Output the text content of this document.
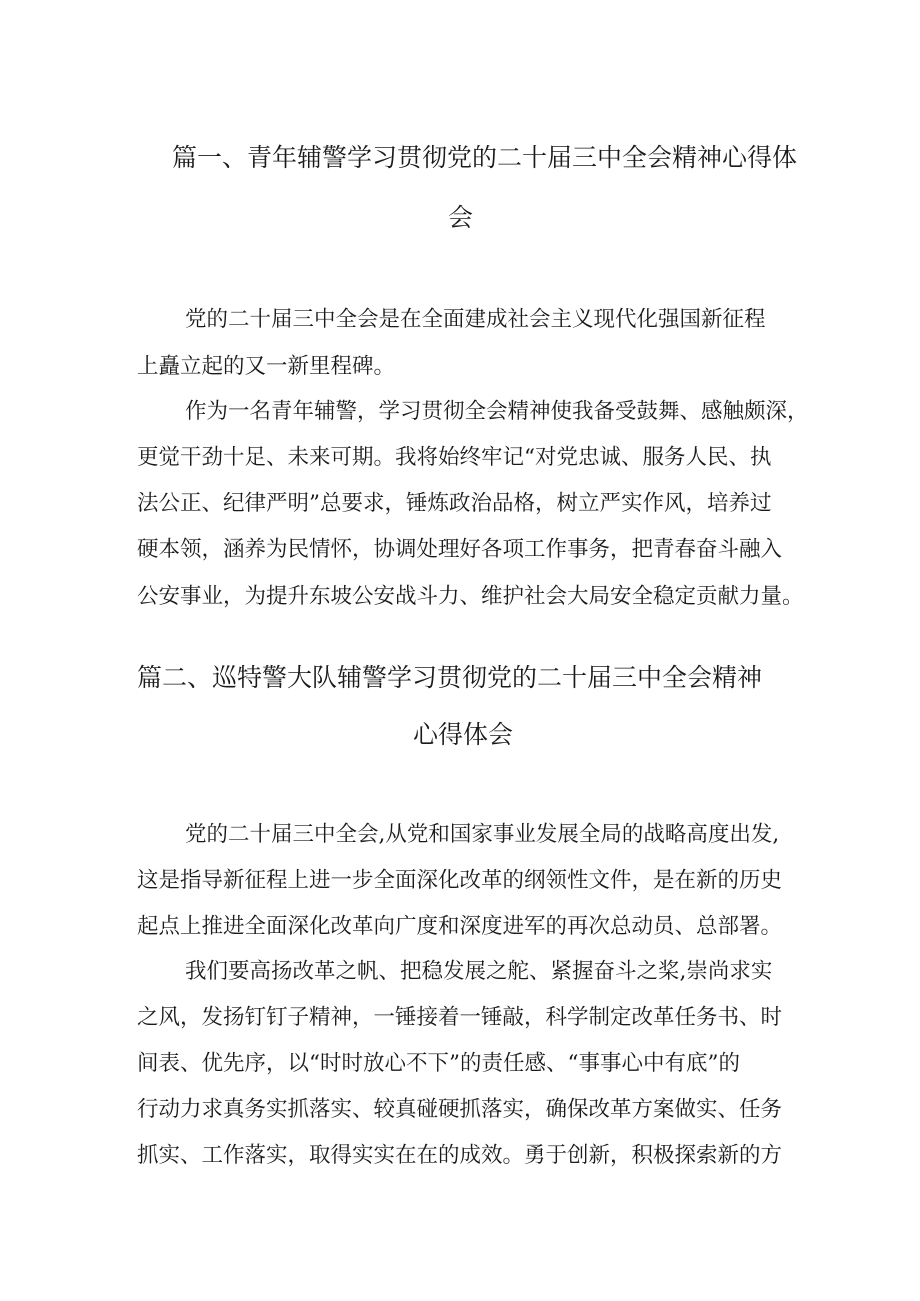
篇一、青年辅警学习贯彻党的二十届三中全会精神心得体
会
党的二十届三中全会是在全面建成社会主义现代化强国新征程
上矗立起的又一新里程碑。
作为一名青年辅警，学习贯彻全会精神使我备受鼓舞、感触颇深，
更觉干劲十足、未来可期。我将始终牢记“对党忠诚、服务人民、执
法公正、纪律严明”总要求，锤炼政治品格，树立严实作风，培养过
硬本领，涵养为民情怀，协调处理好各项工作事务，把青春奋斗融入
公安事业，为提升东坡公安战斗力、维护社会大局安全稳定贡献力量。
篇二、巡特警大队辅警学习贯彻党的二十届三中全会精神
心得体会
党的二十届三中全会,从党和国家事业发展全局的战略高度出发,
这是指导新征程上进一步全面深化改革的纲领性文件，是在新的历史
起点上推进全面深化改革向广度和深度进军的再次总动员、总部署。
我们要高扬改革之帆、把稳发展之舵、紧握奋斗之桨,崇尚求实
之风，发扬钉钉子精神，一锤接着一锤敲，科学制定改革任务书、时
间表、优先序，以“时时放心不下”的责任感、“事事心中有底”的
行动力求真务实抓落实、较真碰硬抓落实，确保改革方案做实、任务
抓实、工作落实，取得实实在在的成效。勇于创新，积极探索新的方
